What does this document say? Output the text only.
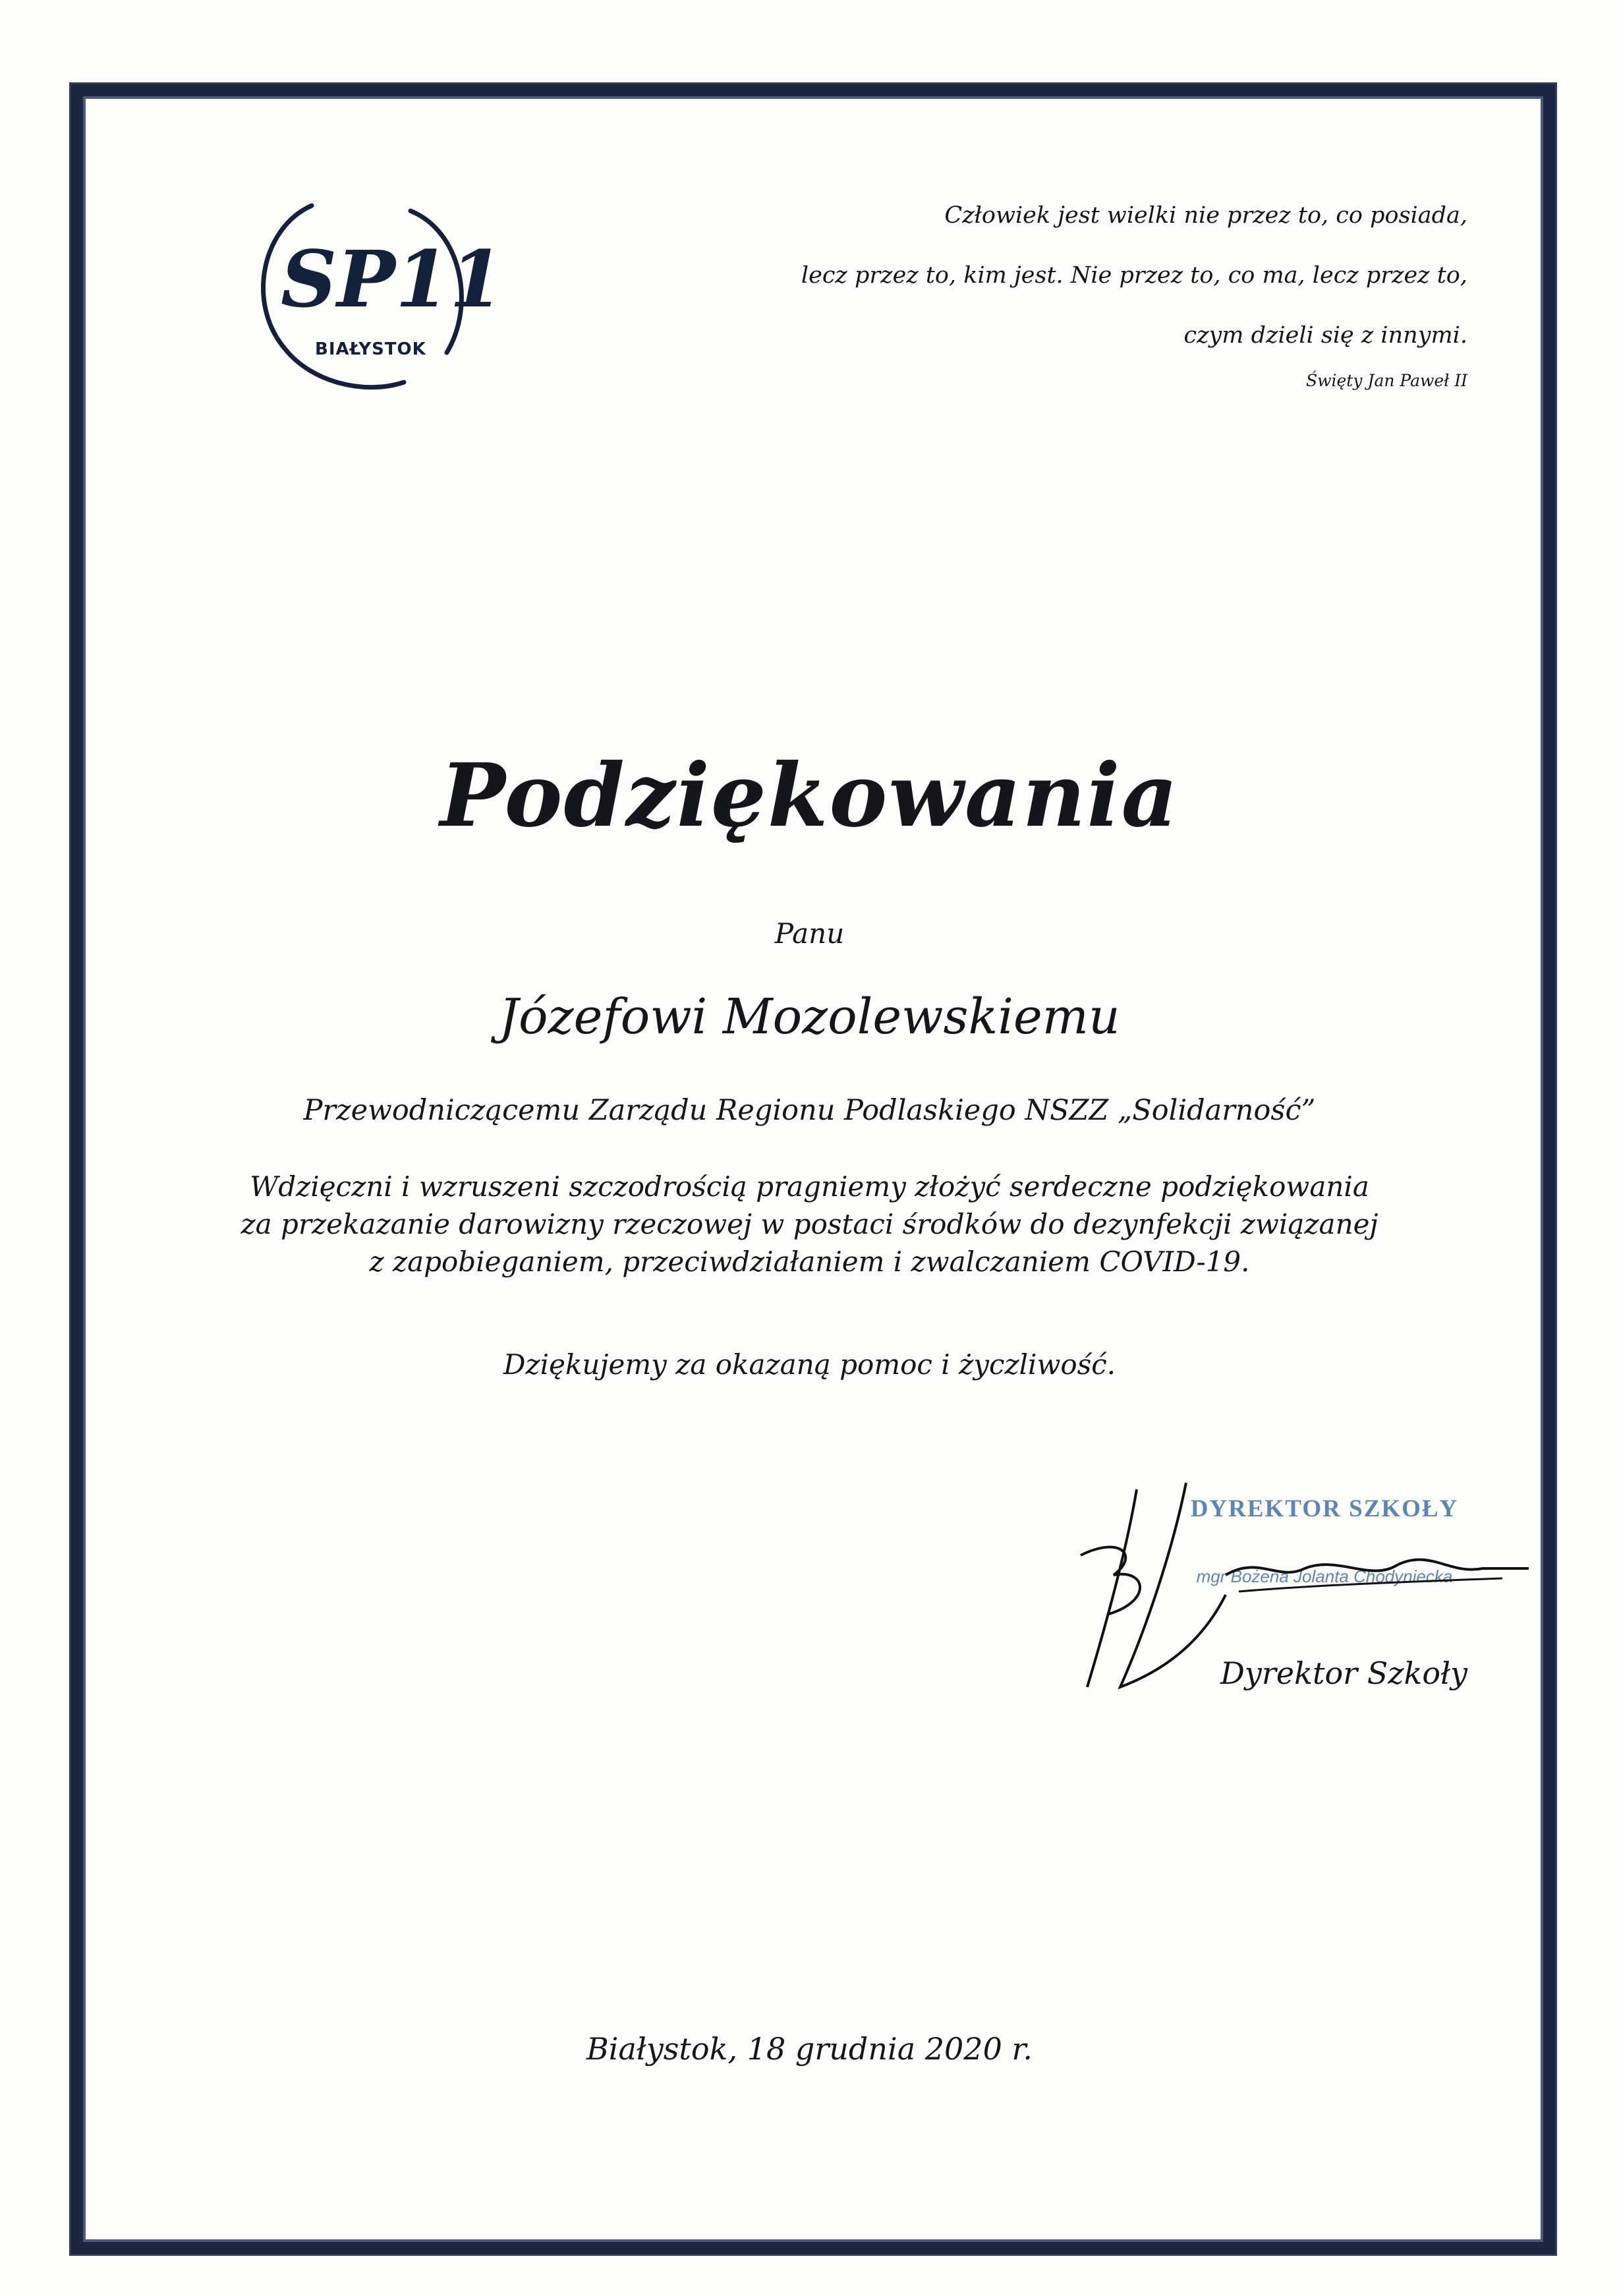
SP11
BIAŁYSTOK
Człowiek jest wielki nie przez to, co posiada,
lecz przez to, kim jest. Nie przez to, co ma, lecz przez to,
czym dzieli się z innymi.
Święty Jan Paweł II
Podziękowania
Panu
Józefowi Mozolewskiemu
Przewodniczącemu Zarządu Regionu Podlaskiego NSZZ „Solidarność”
Wdzięczni i wzruszeni szczodrością pragniemy złożyć serdeczne podziękowania
za przekazanie darowizny rzeczowej w postaci środków do dezynfekcji związanej
z zapobieganiem, przeciwdziałaniem i zwalczaniem COVID-19.
Dziękujemy za okazaną pomoc i życzliwość.
DYREKTOR SZKOŁY
mgr Bożena Jolanta Chodyniecka
Dyrektor Szkoły
Białystok, 18 grudnia 2020 r.
